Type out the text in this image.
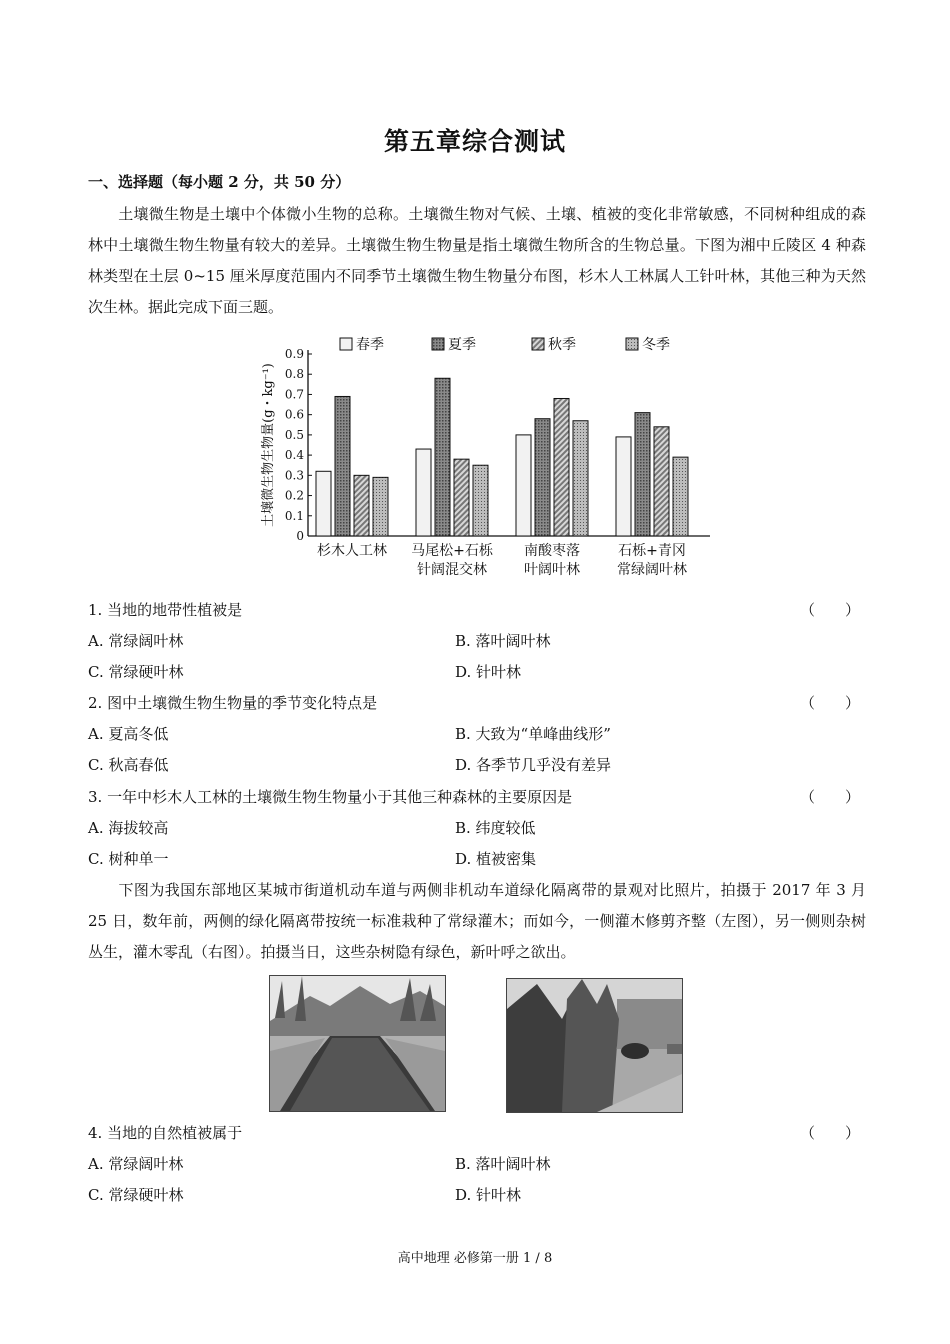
第五章综合测试
一、选择题（每小题 2 分，共 50 分）
土壤微生物是土壤中个体微小生物的总称。土壤微生物对气候、土壤、植被的变化非常敏感，不同树种组成的森林中土壤微生物生物量有较大的差异。土壤微生物生物量是指土壤微生物所含的生物总量。下图为湘中丘陵区 4 种森林类型在土层 0~15 厘米厚度范围内不同季节土壤微生物生物量分布图，杉木人工林属人工针叶林，其他三种为天然次生林。据此完成下面三题。
0
0.1
0.2
0.3
0.4
0.5
0.6
0.7
0.8
0.9
土壤微生物生物量(g・kg⁻¹)
杉木人工林 马尾松+石栎
针阔混交林
南酸枣落
叶阔叶林
石栎+青冈
常绿阔叶林
春季	夏季	秋季	冬季
1. 当地的地带性植被是	（　　）
A. 常绿阔叶林	B. 落叶阔叶林
C. 常绿硬叶林	D. 针叶林
2. 图中土壤微生物生物量的季节变化特点是	（　　）
A. 夏高冬低	B. 大致为“单峰曲线形”
C. 秋高春低	D. 各季节几乎没有差异
3. 一年中杉木人工林的土壤微生物生物量小于其他三种森林的主要原因是	（　　）
A. 海拔较高	B. 纬度较低
C. 树种单一	D. 植被密集
下图为我国东部地区某城市街道机动车道与两侧非机动车道绿化隔离带的景观对比照片，拍摄于 2017 年 3 月 25 日，数年前，两侧的绿化隔离带按统一标准栽种了常绿灌木；而如今，一侧灌木修剪齐整（左图），另一侧则杂树丛生，灌木零乱（右图）。拍摄当日，这些杂树隐有绿色，新叶呼之欲出。
4. 当地的自然植被属于	（　　）
A. 常绿阔叶林	B. 落叶阔叶林
C. 常绿硬叶林	D. 针叶林
高中地理 必修第一册 1 / 8
